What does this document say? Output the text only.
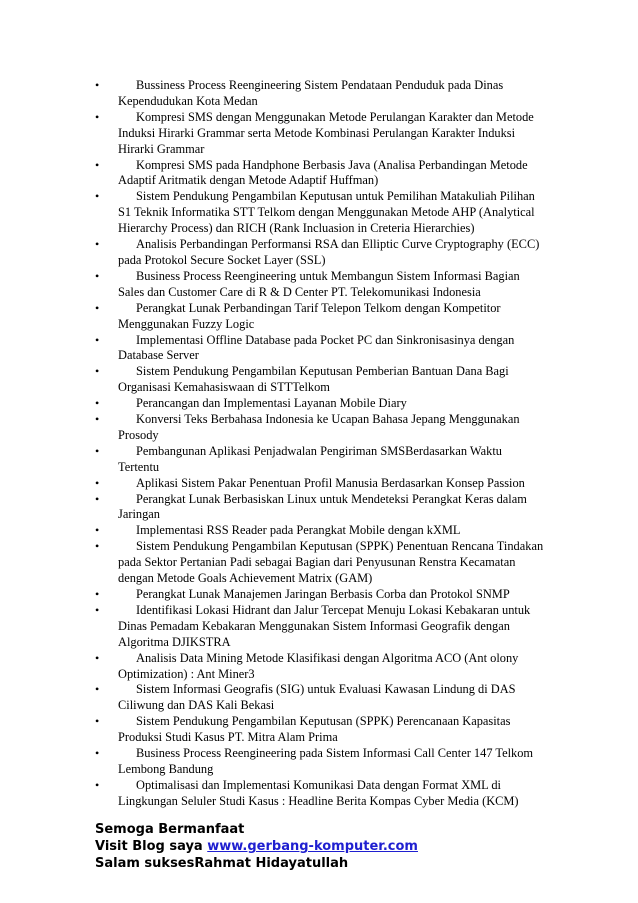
•	Bussiness Process Reengineering Sistem Pendataan Penduduk pada Dinas Kependudukan Kota Medan
•	Kompresi SMS dengan Menggunakan Metode Perulangan Karakter dan Metode Induksi Hirarki Grammar serta Metode Kombinasi Perulangan Karakter Induksi Hirarki Grammar
•	Kompresi SMS pada Handphone Berbasis Java (Analisa Perbandingan Metode Adaptif Aritmatik dengan Metode Adaptif Huffman)
•	Sistem Pendukung Pengambilan Keputusan untuk Pemilihan Matakuliah Pilihan S1 Teknik Informatika STT Telkom dengan Menggunakan Metode AHP (Analytical Hierarchy Process) dan RICH (Rank Incluasion in Creteria Hierarchies)
•	Analisis Perbandingan Performansi RSA dan Elliptic Curve Cryptography (ECC) pada Protokol Secure Socket Layer (SSL)
•	Business Process Reengineering untuk Membangun Sistem Informasi Bagian Sales dan Customer Care di R & D Center PT. Telekomunikasi Indonesia
•	Perangkat Lunak Perbandingan Tarif Telepon Telkom dengan Kompetitor Menggunakan Fuzzy Logic
•	Implementasi Offline Database pada Pocket PC dan Sinkronisasinya dengan Database Server
•	Sistem Pendukung Pengambilan Keputusan Pemberian Bantuan Dana Bagi Organisasi Kemahasiswaan di STTTelkom
•	Perancangan dan Implementasi Layanan Mobile Diary
•	Konversi Teks Berbahasa Indonesia ke Ucapan Bahasa Jepang Menggunakan Prosody
•	Pembangunan Aplikasi Penjadwalan Pengiriman SMSBerdasarkan Waktu Tertentu
•	Aplikasi Sistem Pakar Penentuan Profil Manusia Berdasarkan Konsep Passion
•	Perangkat Lunak Berbasiskan Linux untuk Mendeteksi Perangkat Keras dalam Jaringan
•	Implementasi RSS Reader pada Perangkat Mobile dengan kXML
•	Sistem Pendukung Pengambilan Keputusan (SPPK) Penentuan Rencana Tindakan pada Sektor Pertanian Padi sebagai Bagian dari Penyusunan Renstra Kecamatan dengan Metode Goals Achievement Matrix (GAM)
•	Perangkat Lunak Manajemen Jaringan Berbasis Corba dan Protokol SNMP
•	Identifikasi Lokasi Hidrant dan Jalur Tercepat Menuju Lokasi Kebakaran untuk Dinas Pemadam Kebakaran Menggunakan Sistem Informasi Geografik dengan Algoritma DJIKSTRA
•	Analisis Data Mining Metode Klasifikasi dengan Algoritma ACO (Ant olony Optimization) : Ant Miner3
•	Sistem Informasi Geografis (SIG) untuk Evaluasi Kawasan Lindung di DAS Ciliwung dan DAS Kali Bekasi
•	Sistem Pendukung Pengambilan Keputusan (SPPK) Perencanaan Kapasitas Produksi Studi Kasus PT. Mitra Alam Prima
•	Business Process Reengineering pada Sistem Informasi Call Center 147 Telkom Lembong Bandung
•	Optimalisasi dan Implementasi Komunikasi Data dengan Format XML di Lingkungan Seluler Studi Kasus : Headline Berita Kompas Cyber Media (KCM)
Semoga Bermanfaat
Visit Blog saya www.gerbang-komputer.com
Salam suksesRahmat Hidayatullah
